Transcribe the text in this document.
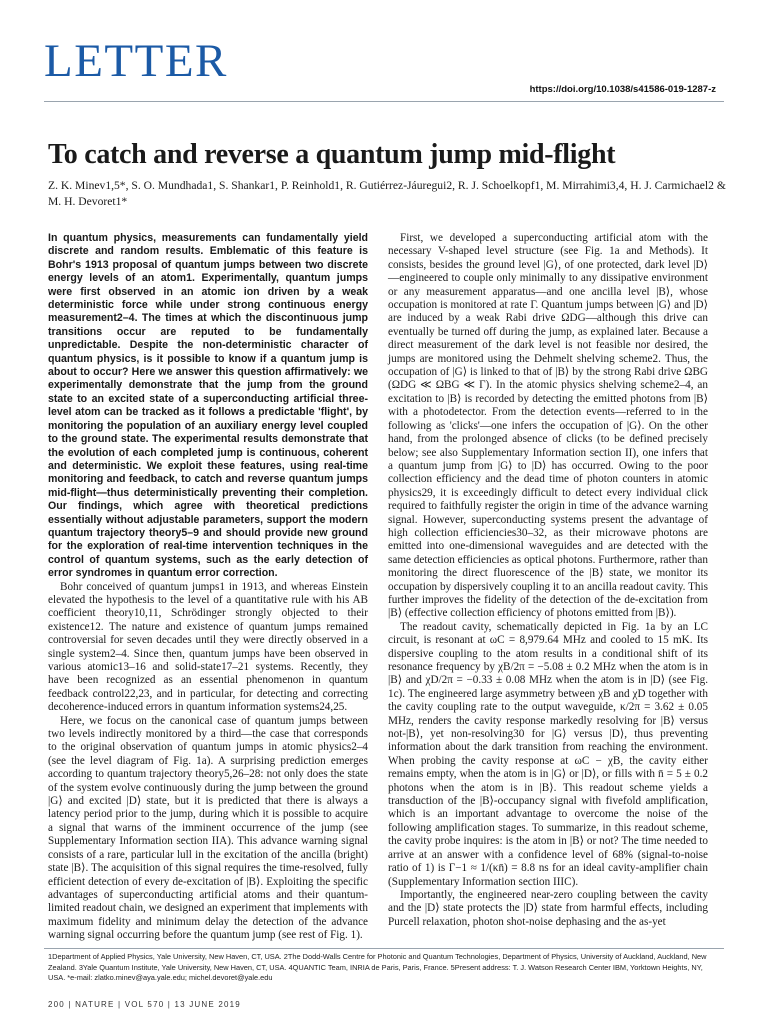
LETTER
https://doi.org/10.1038/s41586-019-1287-z
To catch and reverse a quantum jump mid-flight
Z. K. Minev1,5*, S. O. Mundhada1, S. Shankar1, P. Reinhold1, R. Gutiérrez-Jáuregui2, R. J. Schoelkopf1, M. Mirrahimi3,4, H. J. Carmichael2 & M. H. Devoret1*

In quantum physics, measurements can fundamentally yield discrete and random results. Emblematic of this feature is Bohr's 1913 proposal of quantum jumps between two discrete energy levels of an atom1. Experimentally, quantum jumps were first observed in an atomic ion driven by a weak deterministic force while under strong continuous energy measurement2–4. The times at which the discontinuous jump transitions occur are reputed to be fundamentally unpredictable. Despite the non-deterministic character of quantum physics, is it possible to know if a quantum jump is about to occur? Here we answer this question affirmatively: we experimentally demonstrate that the jump from the ground state to an excited state of a superconducting artificial three-level atom can be tracked as it follows a predictable 'flight', by monitoring the population of an auxiliary energy level coupled to the ground state. The experimental results demonstrate that the evolution of each completed jump is continuous, coherent and deterministic. We exploit these features, using real-time monitoring and feedback, to catch and reverse quantum jumps mid-flight—thus deterministically preventing their completion. Our findings, which agree with theoretical predictions essentially without adjustable parameters, support the modern quantum trajectory theory5–9 and should provide new ground for the exploration of real-time intervention techniques in the control of quantum systems, such as the early detection of error syndromes in quantum error correction.

Bohr conceived of quantum jumps1 in 1913, and whereas Einstein elevated the hypothesis to the level of a quantitative rule with his AB coefficient theory10,11, Schrödinger strongly objected to their existence12. The nature and existence of quantum jumps remained controversial for seven decades until they were directly observed in a single system2–4. Since then, quantum jumps have been observed in various atomic13–16 and solid-state17–21 systems. Recently, they have been recognized as an essential phenomenon in quantum feedback control22,23, and in particular, for detecting and correcting decoherence-induced errors in quantum information systems24,25.

Here, we focus on the canonical case of quantum jumps between two levels indirectly monitored by a third—the case that corresponds to the original observation of quantum jumps in atomic physics2–4 (see the level diagram of Fig. 1a). A surprising prediction emerges according to quantum trajectory theory5,26–28: not only does the state of the system evolve continuously during the jump between the ground |G⟩ and excited |D⟩ state, but it is predicted that there is always a latency period prior to the jump, during which it is possible to acquire a signal that warns of the imminent occurrence of the jump (see Supplementary Information section IIA). This advance warning signal consists of a rare, particular lull in the excitation of the ancilla (bright) state |B⟩. The acquisition of this signal requires the time-resolved, fully efficient detection of every de-excitation of |B⟩. Exploiting the specific advantages of superconducting artificial atoms and their quantum-limited readout chain, we designed an experiment that implements with maximum fidelity and minimum delay the detection of the advance warning signal occurring before the quantum jump (see rest of Fig. 1).

First, we developed a superconducting artificial atom with the necessary V-shaped level structure (see Fig. 1a and Methods). It consists, besides the ground level |G⟩, of one protected, dark level |D⟩—engineered to couple only minimally to any dissipative environment or any measurement apparatus—and one ancilla level |B⟩, whose occupation is monitored at rate Γ. Quantum jumps between |G⟩ and |D⟩ are induced by a weak Rabi drive ΩDG—although this drive can eventually be turned off during the jump, as explained later. Because a direct measurement of the dark level is not feasible nor desired, the jumps are monitored using the Dehmelt shelving scheme2. Thus, the occupation of |G⟩ is linked to that of |B⟩ by the strong Rabi drive ΩBG (ΩDG ≪ ΩBG ≪ Γ). In the atomic physics shelving scheme2–4, an excitation to |B⟩ is recorded by detecting the emitted photons from |B⟩ with a photodetector. From the detection events—referred to in the following as 'clicks'—one infers the occupation of |G⟩. On the other hand, from the prolonged absence of clicks (to be defined precisely below; see also Supplementary Information section II), one infers that a quantum jump from |G⟩ to |D⟩ has occurred. Owing to the poor collection efficiency and the dead time of photon counters in atomic physics29, it is exceedingly difficult to detect every individual click required to faithfully register the origin in time of the advance warning signal. However, superconducting systems present the advantage of high collection efficiencies30–32, as their microwave photons are emitted into one-dimensional waveguides and are detected with the same detection efficiencies as optical photons. Furthermore, rather than monitoring the direct fluorescence of the |B⟩ state, we monitor its occupation by dispersively coupling it to an ancilla readout cavity. This further improves the fidelity of the detection of the de-excitation from |B⟩ (effective collection efficiency of photons emitted from |B⟩).

The readout cavity, schematically depicted in Fig. 1a by an LC circuit, is resonant at ωC = 8,979.64 MHz and cooled to 15 mK. Its dispersive coupling to the atom results in a conditional shift of its resonance frequency by χB/2π = −5.08 ± 0.2 MHz when the atom is in |B⟩ and χD/2π = −0.33 ± 0.08 MHz when the atom is in |D⟩ (see Fig. 1c). The engineered large asymmetry between χB and χD together with the cavity coupling rate to the output waveguide, κ/2π = 3.62 ± 0.05 MHz, renders the cavity response markedly resolving for |B⟩ versus not-|B⟩, yet non-resolving30 for |G⟩ versus |D⟩, thus preventing information about the dark transition from reaching the environment. When probing the cavity response at ωC − χB, the cavity either remains empty, when the atom is in |G⟩ or |D⟩, or fills with n̄ = 5 ± 0.2 photons when the atom is in |B⟩. This readout scheme yields a transduction of the |B⟩-occupancy signal with fivefold amplification, which is an important advantage to overcome the noise of the following amplification stages. To summarize, in this readout scheme, the cavity probe inquires: is the atom in |B⟩ or not? The time needed to arrive at an answer with a confidence level of 68% (signal-to-noise ratio of 1) is Γ−1 ≈ 1/(κn̄) = 8.8 ns for an ideal cavity-amplifier chain (Supplementary Information section IIIC).

Importantly, the engineered near-zero coupling between the cavity and the |D⟩ state protects the |D⟩ state from harmful effects, including Purcell relaxation, photon shot-noise dephasing and the as-yet

1Department of Applied Physics, Yale University, New Haven, CT, USA. 2The Dodd-Walls Centre for Photonic and Quantum Technologies, Department of Physics, University of Auckland, Auckland, New Zealand. 3Yale Quantum Institute, Yale University, New Haven, CT, USA. 4QUANTIC Team, INRIA de Paris, Paris, France. 5Present address: T. J. Watson Research Center IBM, Yorktown Heights, NY, USA. *e-mail: zlatko.minev@aya.yale.edu; michel.devoret@yale.edu
200 | NATURE | VOL 570 | 13 JUNE 2019
